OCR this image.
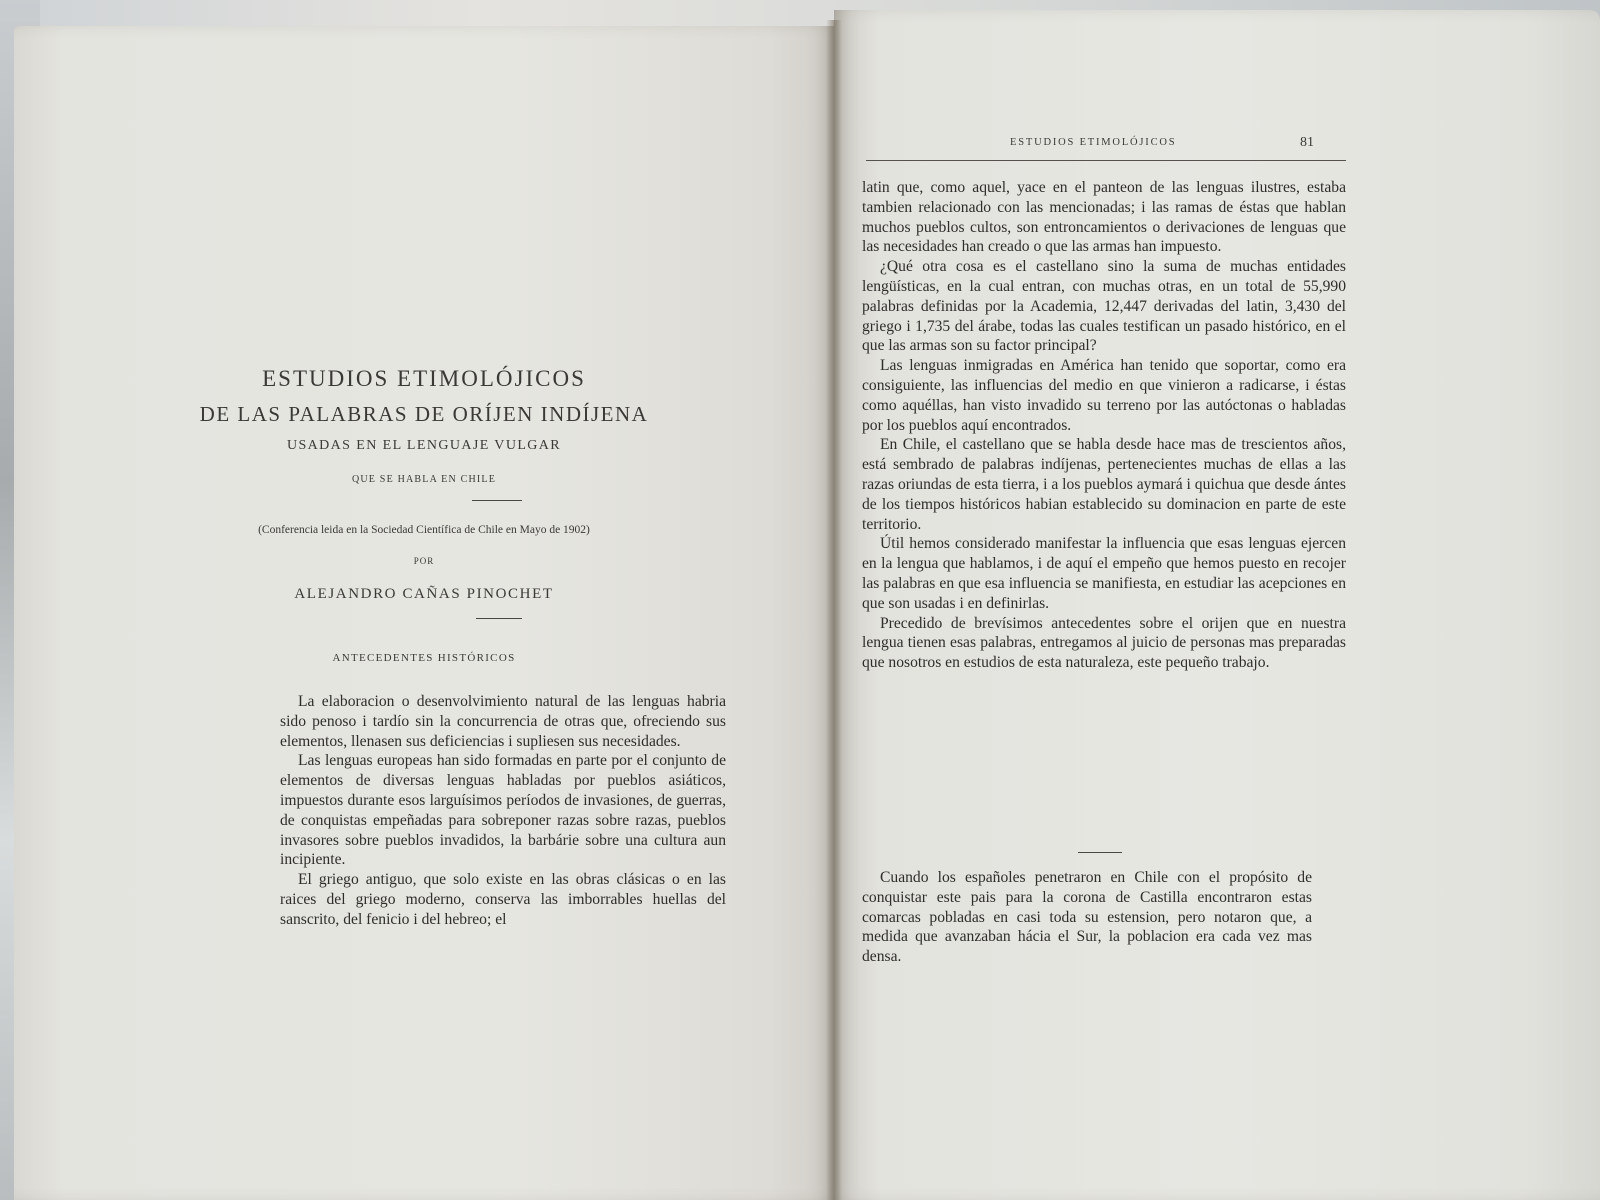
ESTUDIOS ETIMOLÓJICOS
DE LAS PALABRAS DE ORÍJEN INDÍJENA
USADAS EN EL LENGUAJE VULGAR
QUE SE HABLA EN CHILE
(Conferencia leida en la Sociedad Científica de Chile en Mayo de 1902)
POR
ALEJANDRO CAÑAS PINOCHET
ANTECEDENTES HISTÓRICOS

La elaboracion o desenvolvimiento natural de las lenguas habria sido penoso i tardío sin la concurrencia de otras que, ofreciendo sus elementos, llenasen sus deficiencias i supliesen sus necesidades.

Las lenguas europeas han sido formadas en parte por el conjunto de elementos de diversas lenguas habladas por pueblos asiáticos, impuestos durante esos larguísimos períodos de invasiones, de guerras, de conquistas empeñadas para sobreponer razas sobre razas, pueblos invasores sobre pueblos invadidos, la barbárie sobre una cultura aun incipiente.

El griego antiguo, que solo existe en las obras clásicas o en las raices del griego moderno, conserva las imborrables huellas del sanscrito, del fenicio i del hebreo; el

ESTUDIOS ETIMOLÓJICOS	81

latin que, como aquel, yace en el panteon de las lenguas ilustres, estaba tambien relacionado con las mencionadas; i las ramas de éstas que hablan muchos pueblos cultos, son entroncamientos o derivaciones de lenguas que las necesidades han creado o que las armas han impuesto.

¿Qué otra cosa es el castellano sino la suma de muchas entidades lengüísticas, en la cual entran, con muchas otras, en un total de 55,990 palabras definidas por la Academia, 12,447 derivadas del latin, 3,430 del griego i 1,735 del árabe, todas las cuales testifican un pasado histórico, en el que las armas son su factor principal?

Las lenguas inmigradas en América han tenido que soportar, como era consiguiente, las influencias del medio en que vinieron a radicarse, i éstas como aquéllas, han visto invadido su terreno por las autóctonas o habladas por los pueblos aquí encontrados.

En Chile, el castellano que se habla desde hace mas de trescientos años, está sembrado de palabras indíjenas, pertenecientes muchas de ellas a las razas oriundas de esta tierra, i a los pueblos aymará i quichua que desde ántes de los tiempos históricos habian establecido su dominacion en parte de este territorio.

Útil hemos considerado manifestar la influencia que esas lenguas ejercen en la lengua que hablamos, i de aquí el empeño que hemos puesto en recojer las palabras en que esa influencia se manifiesta, en estudiar las acepciones en que son usadas i en definirlas.

Precedido de brevísimos antecedentes sobre el orijen que en nuestra lengua tienen esas palabras, entregamos al juicio de personas mas preparadas que nosotros en estudios de esta naturaleza, este pequeño trabajo.

Cuando los españoles penetraron en Chile con el propósito de conquistar este pais para la corona de Castilla encontraron estas comarcas pobladas en casi toda su estension, pero notaron que, a medida que avanzaban hácia el Sur, la poblacion era cada vez mas densa.
